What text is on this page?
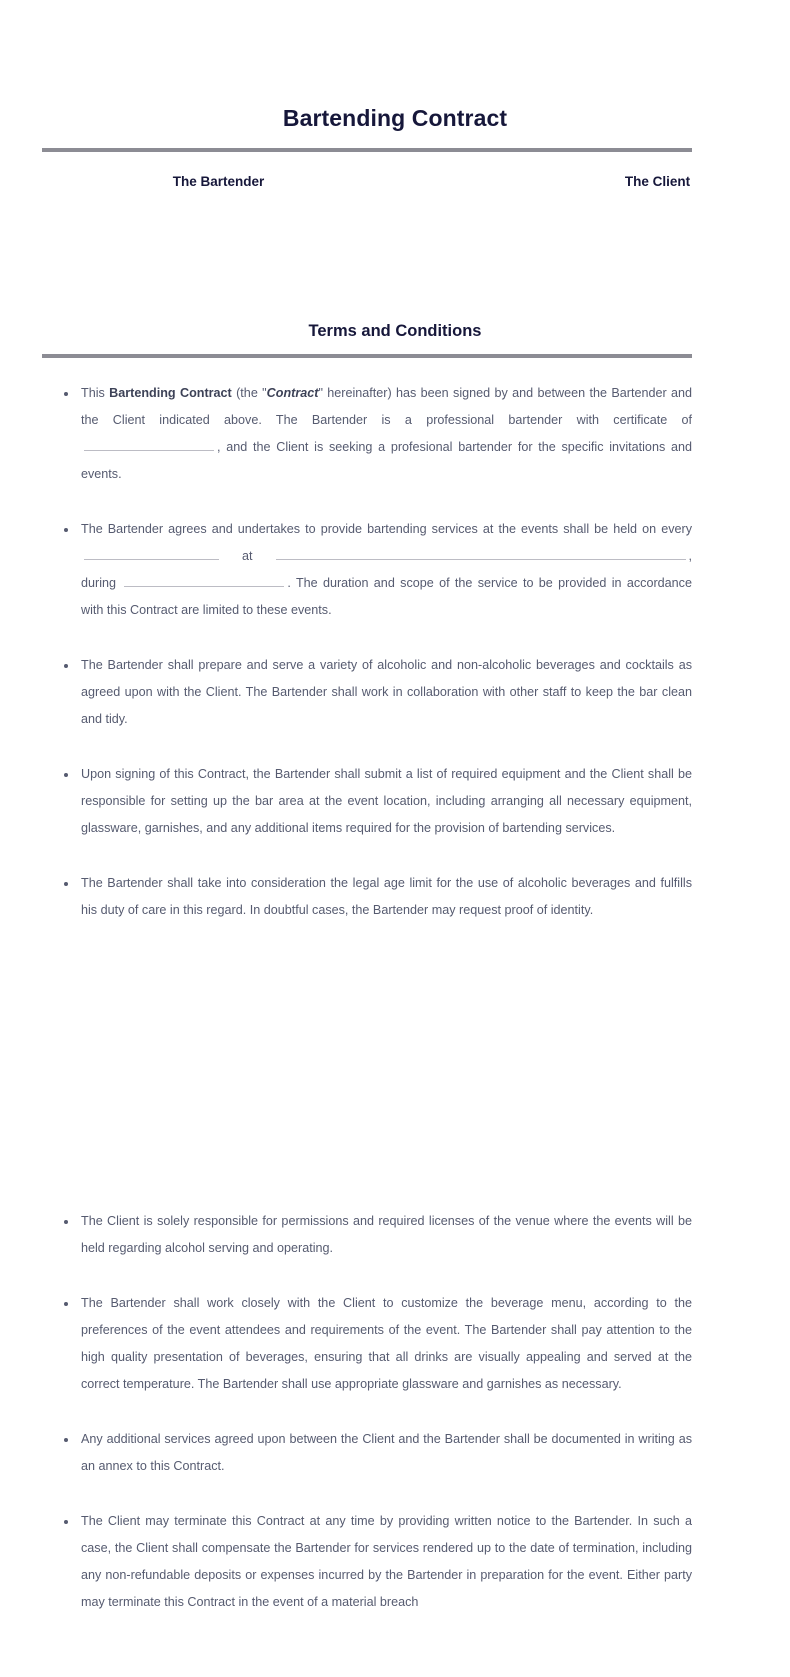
Bartending Contract
The Bartender	The Client
Terms and Conditions
This Bartending Contract (the "Contract" hereinafter) has been signed by and between the Bartender and the Client indicated above. The Bartender is a professional bartender with certificate of , and the Client is seeking a profesional bartender for the specific invitations and events.
The Bartender agrees and undertakes to provide bartending services at the events shall be held on every  at	, during	. The duration and scope of the service to be provided in accordance with this Contract are limited to these events.
The Bartender shall prepare and serve a variety of alcoholic and non-alcoholic beverages and cocktails as agreed upon with the Client. The Bartender shall work in collaboration with other staff to keep the bar clean and tidy.
Upon signing of this Contract, the Bartender shall submit a list of required equipment and the Client shall be responsible for setting up the bar area at the event location, including arranging all necessary equipment, glassware, garnishes, and any additional items required for the provision of bartending services.
The Bartender shall take into consideration the legal age limit for the use of alcoholic beverages and fulfills his duty of care in this regard. In doubtful cases, the Bartender may request proof of identity.
The Client is solely responsible for permissions and required licenses of the venue where the events will be held regarding alcohol serving and operating.
The Bartender shall work closely with the Client to customize the beverage menu, according to the preferences of the event attendees and requirements of the event. The Bartender shall pay attention to the high quality presentation of beverages, ensuring that all drinks are visually appealing and served at the correct temperature. The Bartender shall use appropriate glassware and garnishes as necessary.
Any additional services agreed upon between the Client and the Bartender shall be documented in writing as an annex to this Contract.
The Client may terminate this Contract at any time by providing written notice to the Bartender. In such a case, the Client shall compensate the Bartender for services rendered up to the date of termination, including any non-refundable deposits or expenses incurred by the Bartender in preparation for the event. Either party may terminate this Contract in the event of a material breach
